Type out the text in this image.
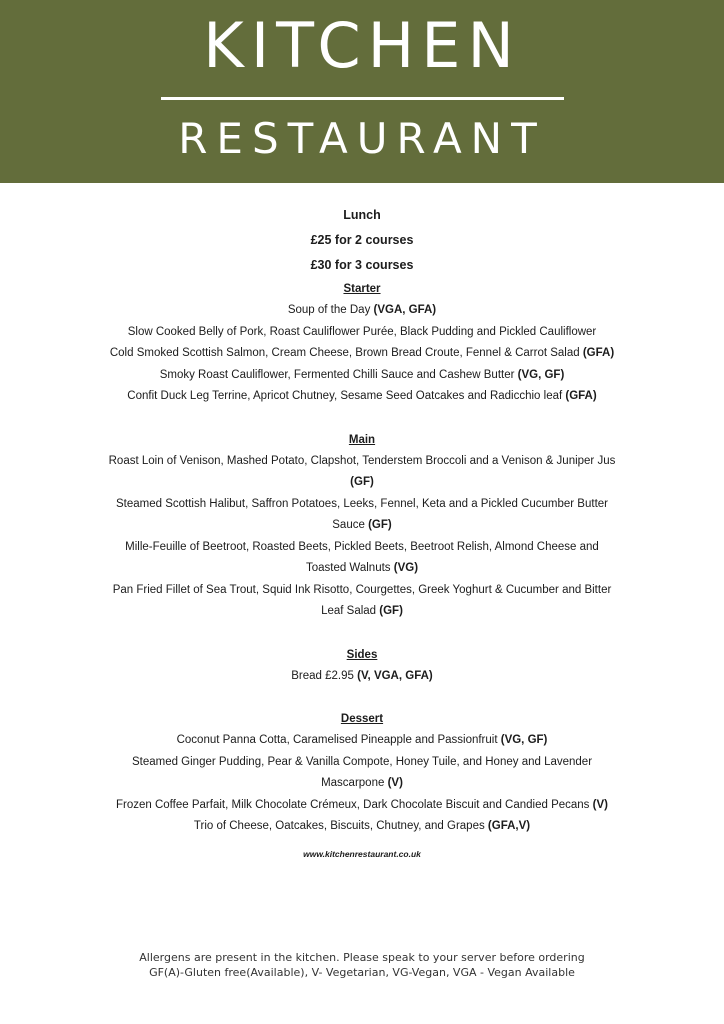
KITCHEN
RESTAURANT
Lunch
£25 for 2 courses
£30 for 3 courses
Starter
Soup of the Day (VGA, GFA)
Slow Cooked Belly of Pork, Roast Cauliflower Purée, Black Pudding and Pickled Cauliflower
Cold Smoked Scottish Salmon, Cream Cheese, Brown Bread Croute, Fennel & Carrot Salad (GFA)
Smoky Roast Cauliflower, Fermented Chilli Sauce and Cashew Butter (VG, GF)
Confit Duck Leg Terrine, Apricot Chutney, Sesame Seed Oatcakes and Radicchio leaf (GFA)
Main
Roast Loin of Venison, Mashed Potato, Clapshot, Tenderstem Broccoli and a Venison & Juniper Jus
(GF)
Steamed Scottish Halibut, Saffron Potatoes, Leeks, Fennel, Keta and a Pickled Cucumber Butter
Sauce (GF)
Mille-Feuille of Beetroot, Roasted Beets, Pickled Beets, Beetroot Relish, Almond Cheese and
Toasted Walnuts (VG)
Pan Fried Fillet of Sea Trout, Squid Ink Risotto, Courgettes, Greek Yoghurt & Cucumber and Bitter
Leaf Salad (GF)
Sides
Bread £2.95 (V, VGA, GFA)
Dessert
Coconut Panna Cotta, Caramelised Pineapple and Passionfruit (VG, GF)
Steamed Ginger Pudding, Pear & Vanilla Compote, Honey Tuile, and Honey and Lavender
Mascarpone (V)
Frozen Coffee Parfait, Milk Chocolate Crémeux, Dark Chocolate Biscuit and Candied Pecans (V)
Trio of Cheese, Oatcakes, Biscuits, Chutney, and Grapes (GFA,V)
www.kitchenrestaurant.co.uk
Allergens are present in the kitchen. Please speak to your server before ordering
GF(A)-Gluten free(Available), V- Vegetarian, VG-Vegan, VGA - Vegan Available
